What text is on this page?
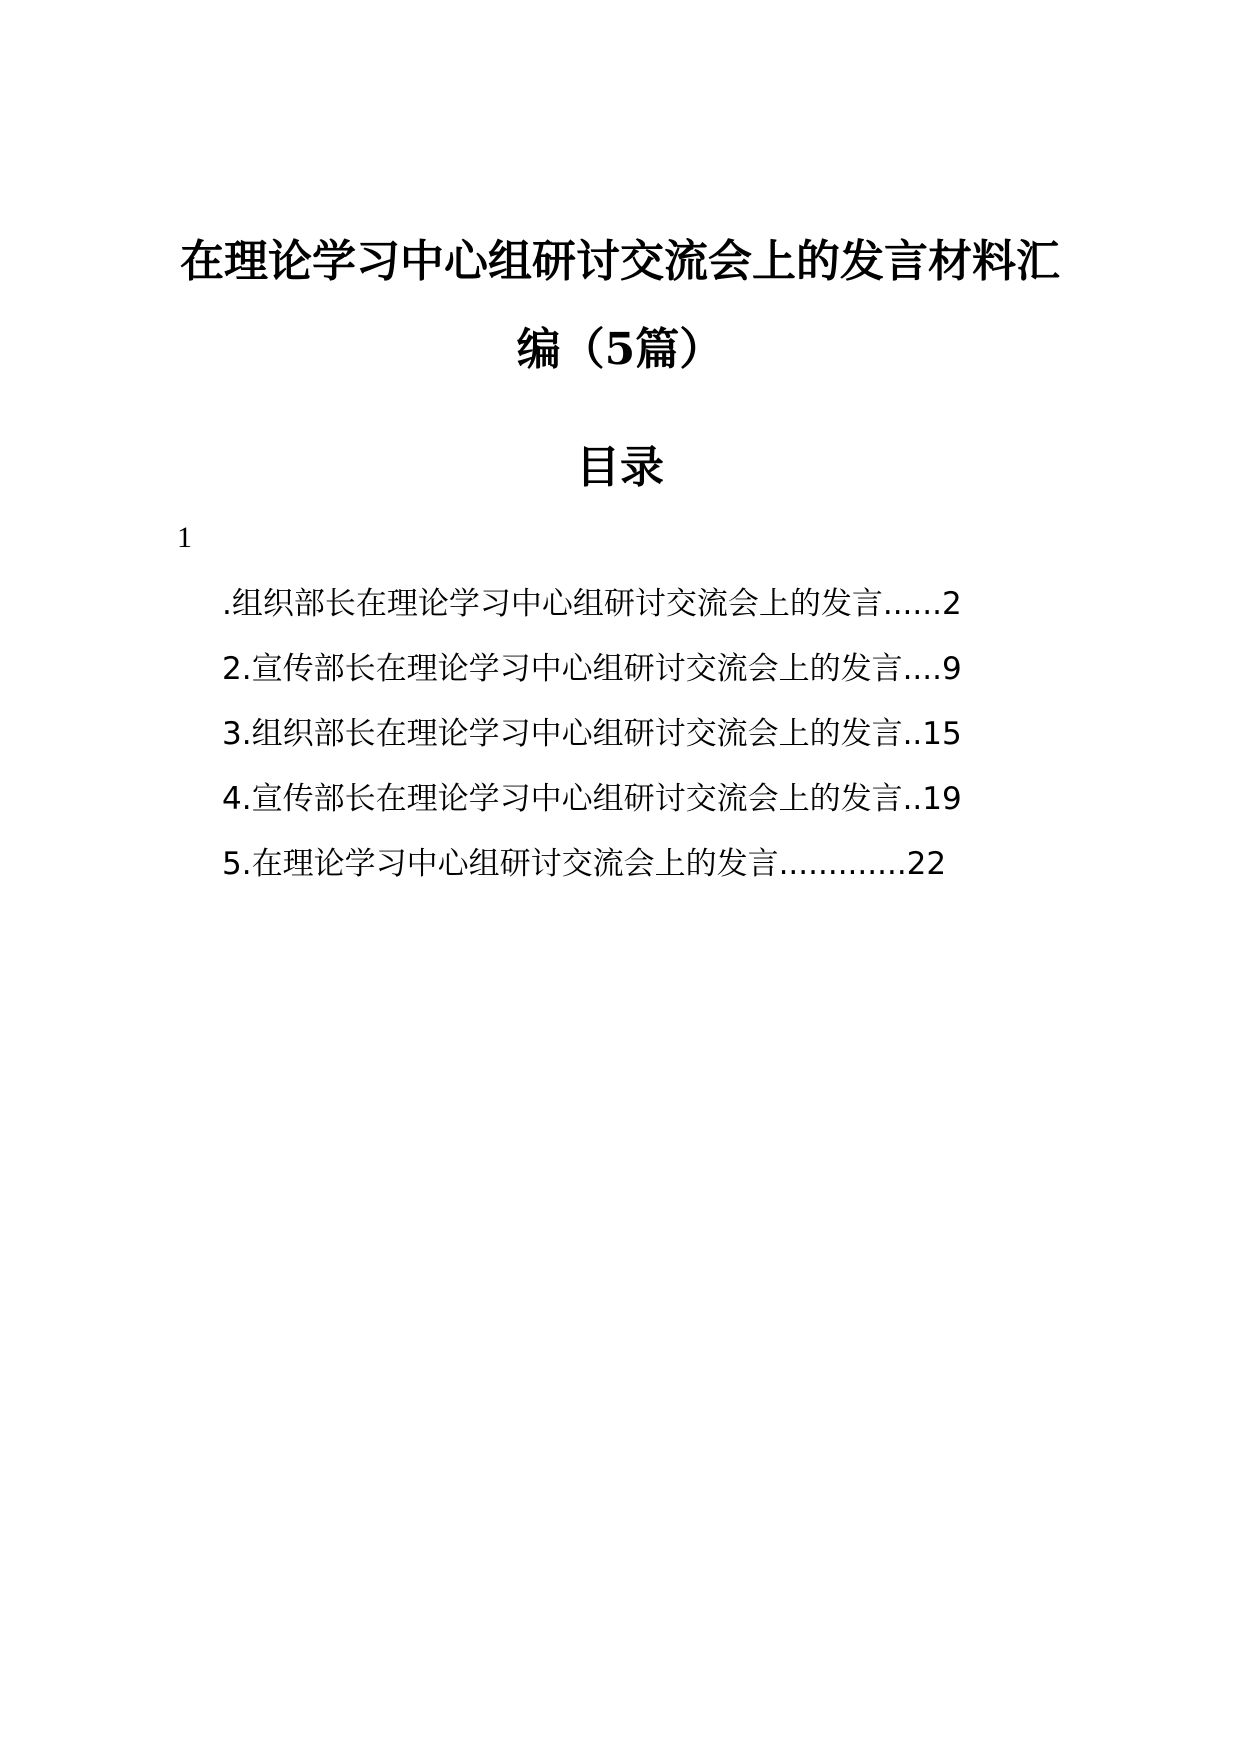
在理论学习中心组研讨交流会上的发言材料汇
编（5篇）
目录
1
.组织部长在理论学习中心组研讨交流会上的发言......2
2.宣传部长在理论学习中心组研讨交流会上的发言....9
3.组织部长在理论学习中心组研讨交流会上的发言..15
4.宣传部长在理论学习中心组研讨交流会上的发言..19
5.在理论学习中心组研讨交流会上的发言.............22
